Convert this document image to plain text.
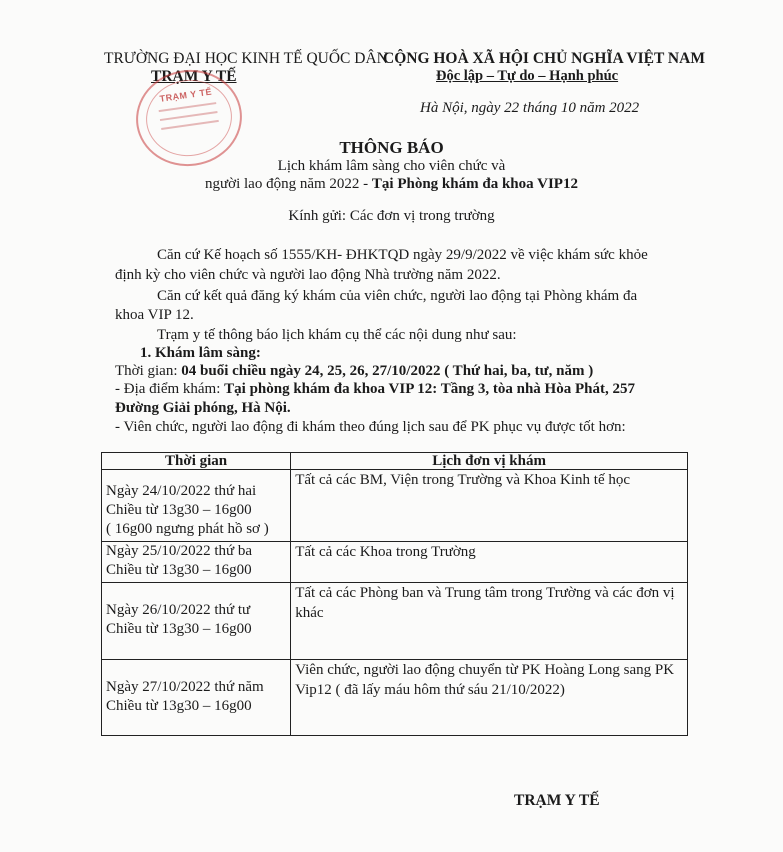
TRƯỜNG ĐẠI HỌC KINH TẾ QUỐC DÂN
TRẠM Y TẾ
TRẠM Y TẾ
CỘNG HOÀ XÃ HỘI CHỦ NGHĨA VIỆT NAM
Độc lập – Tự do – Hạnh phúc
Hà Nội, ngày 22 tháng 10 năm 2022
THÔNG BÁO
Lịch khám lâm sàng cho viên chức và
người lao động năm 2022 - Tại Phòng khám đa khoa VIP12
Kính gửi: Các đơn vị trong trường
Căn cứ Kế hoạch số 1555/KH- ĐHKTQD ngày 29/9/2022 về việc khám sức khỏe
định kỳ cho viên chức và người lao động Nhà trường năm 2022.
Căn cứ kết quả đăng ký khám của viên chức, người lao động tại Phòng khám đa
khoa VIP 12.
Trạm y tế thông báo lịch khám cụ thể các nội dung như sau:
1. Khám lâm sàng:
Thời gian: 04 buổi chiều ngày 24, 25, 26, 27/10/2022 ( Thứ hai, ba, tư, năm )
- Địa điểm khám: Tại phòng khám đa khoa VIP 12: Tầng 3, tòa nhà Hòa Phát, 257
Đường Giải phóng, Hà Nội.
- Viên chức, người lao động đi khám theo đúng lịch sau để PK phục vụ được tốt hơn:
Thời gian	Lịch đơn vị khám

Ngày 24/10/2022 thứ hai
Chiều từ 13g30 – 16g00
( 16g00 ngưng phát hồ sơ )	Tất cả các BM, Viện trong Trường và Khoa Kinh tế học

Ngày 25/10/2022 thứ ba
Chiều từ 13g30 – 16g00	Tất cả các Khoa trong Trường

Ngày 26/10/2022 thứ tư
Chiều từ 13g30 – 16g00	Tất cả các Phòng ban và Trung tâm trong Trường và các đơn vị khác

Ngày 27/10/2022 thứ năm
Chiều từ 13g30 – 16g00	Viên chức, người lao động chuyển từ PK Hoàng Long sang PK Vip12 ( đã lấy máu hôm thứ sáu 21/10/2022)
TRẠM Y TẾ
